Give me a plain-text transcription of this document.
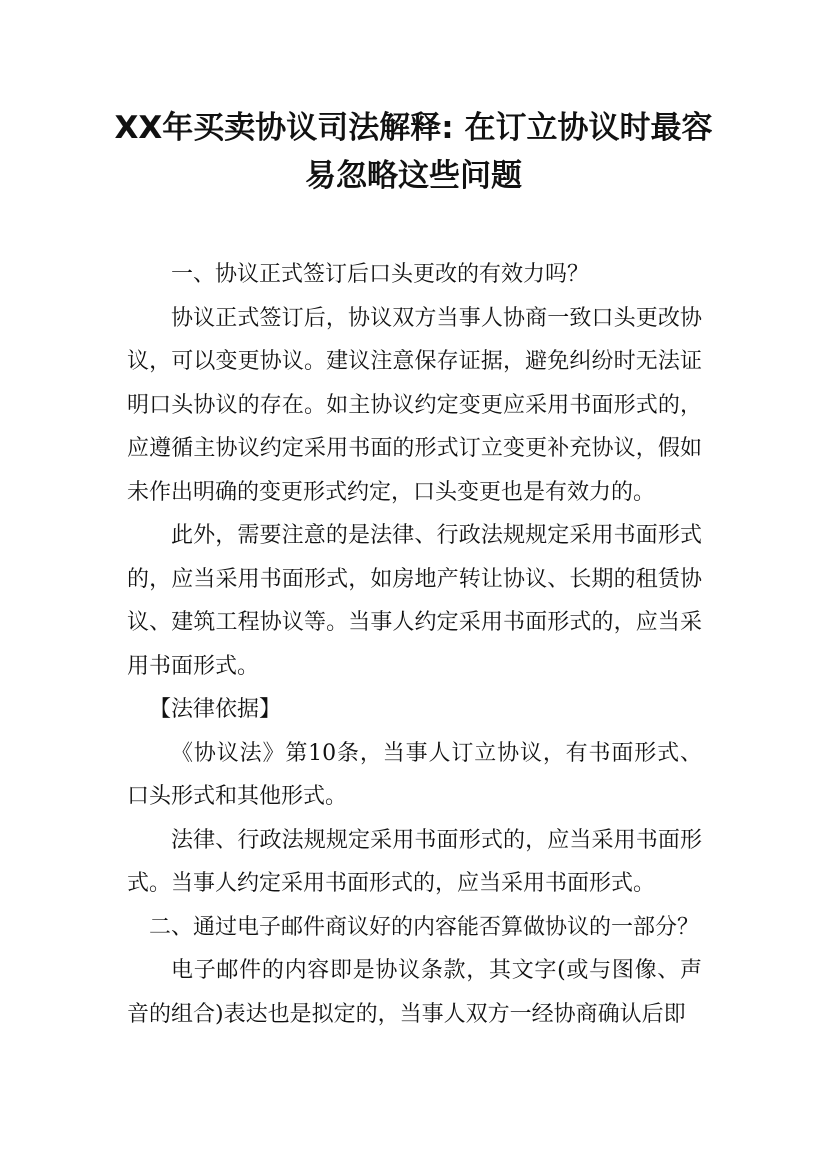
XX年买卖协议司法解释: 在订立协议时最容易忽略这些问题

一、协议正式签订后口头更改的有效力吗？

协议正式签订后，协议双方当事人协商一致口头更改协议，可以变更协议。建议注意保存证据，避免纠纷时无法证明口头协议的存在。如主协议约定变更应采用书面形式的，应遵循主协议约定采用书面的形式订立变更补充协议，假如未作出明确的变更形式约定，口头变更也是有效力的。

此外，需要注意的是法律、行政法规规定采用书面形式的，应当采用书面形式，如房地产转让协议、长期的租赁协议、建筑工程协议等。当事人约定采用书面形式的，应当采用书面形式。

【法律依据】

《协议法》第10条，当事人订立协议，有书面形式、口头形式和其他形式。

法律、行政法规规定采用书面形式的，应当采用书面形式。当事人约定采用书面形式的，应当采用书面形式。

二、通过电子邮件商议好的内容能否算做协议的一部分？

电子邮件的内容即是协议条款，其文字(或与图像、声音的组合)表达也是拟定的，当事人双方一经协商确认后即
